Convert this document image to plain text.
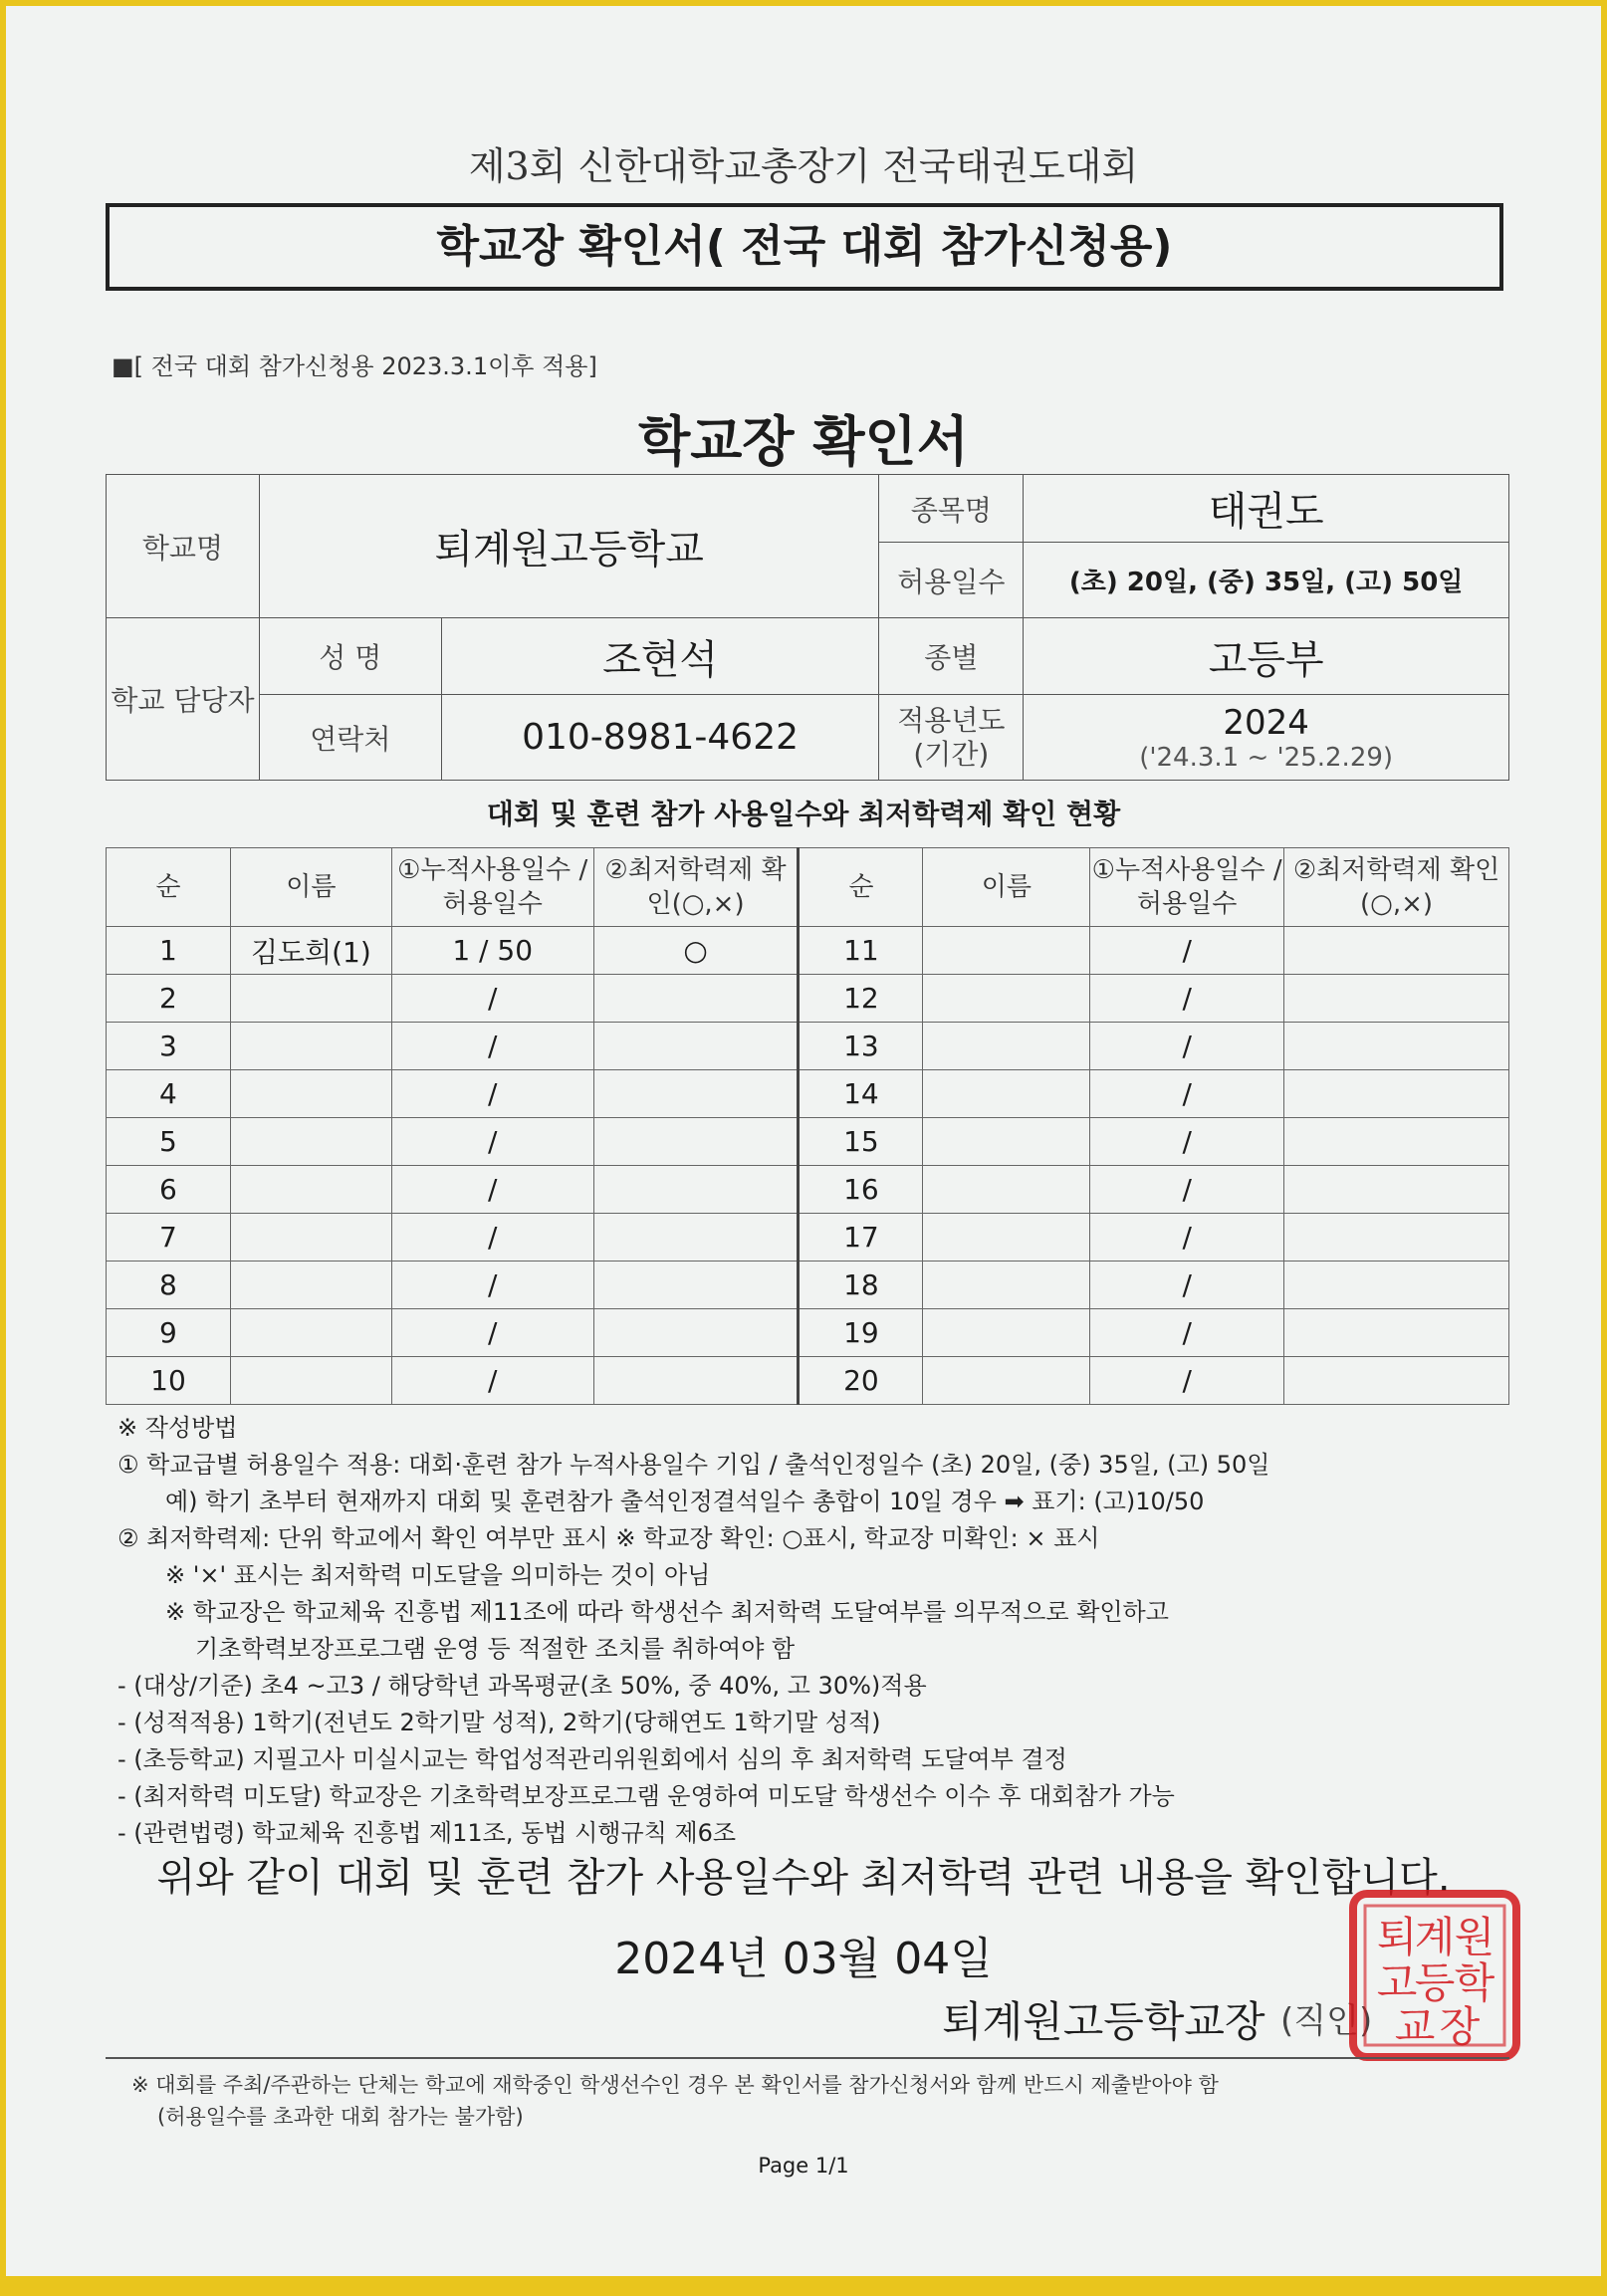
제3회 신한대학교총장기 전국태권도대회
학교장 확인서( 전국 대회 참가신청용)
■[ 전국 대회 참가신청용 2023.3.1이후 적용]
학교장 확인서
학교명	퇴계원고등학교		종목명	태권도
			허용일수	(초) 20일, (중) 35일, (고) 50일
학교 담당자	성 명	조현석	종별	고등부
	연락처	010-8981-4622	적용년도 (기간)	2024
('24.3.1 ~ '25.2.29)
대회 및 훈련 참가 사용일수와 최저학력제 확인 현황
순	이름	①누적사용일수 /허용일수	②최저학력제 확인(○,×)	순	이름	①누적사용일수 /허용일수	②최저학력제 확인(○,×)
1	김도희(1)	1 / 50	○	11		/	
2		/		12		/	
3		/		13		/	
4		/		14		/	
5		/		15		/	
6		/		16		/	
7		/		17		/	
8		/		18		/	
9		/		19		/	
10		/		20		/	

※ 작성방법

① 학교급별 허용일수 적용: 대회·훈련 참가 누적사용일수 기입 / 출석인정일수 (초) 20일, (중) 35일, (고) 50일

예) 학기 초부터 현재까지 대회 및 훈련참가 출석인정결석일수 총합이 10일 경우 ➡ 표기: (고)10/50

② 최저학력제: 단위 학교에서 확인 여부만 표시 ※ 학교장 확인: ○표시, 학교장 미확인: × 표시

※ '×' 표시는 최저학력 미도달을 의미하는 것이 아님

※ 학교장은 학교체육 진흥법 제11조에 따라 학생선수 최저학력 도달여부를 의무적으로 확인하고

기초학력보장프로그램 운영 등 적절한 조치를 취하여야 함

- (대상/기준) 초4 ~고3 / 해당학년 과목평균(초 50%, 중 40%, 고 30%)적용

- (성적적용) 1학기(전년도 2학기말 성적), 2학기(당해연도 1학기말 성적)

- (초등학교) 지필고사 미실시교는 학업성적관리위원회에서 심의 후 최저학력 도달여부 결정

- (최저학력 미도달) 학교장은 기초학력보장프로그램 운영하여 미도달 학생선수 이수 후 대회참가 가능

- (관련법령) 학교체육 진흥법 제11조, 동법 시행규칙 제6조

위와 같이 대회 및 훈련 참가 사용일수와 최저학력 관련 내용을 확인합니다.
2024년 03월 04일
퇴계원고등학교장 (직인)
퇴
계 원
고
등 학
교 장
※ 대회를 주최/주관하는 단체는 학교에 재학중인 학생선수인 경우 본 확인서를 참가신청서와 함께 반드시 제출받아야 함
(허용일수를 초과한 대회 참가는 불가함)
Page 1/1
